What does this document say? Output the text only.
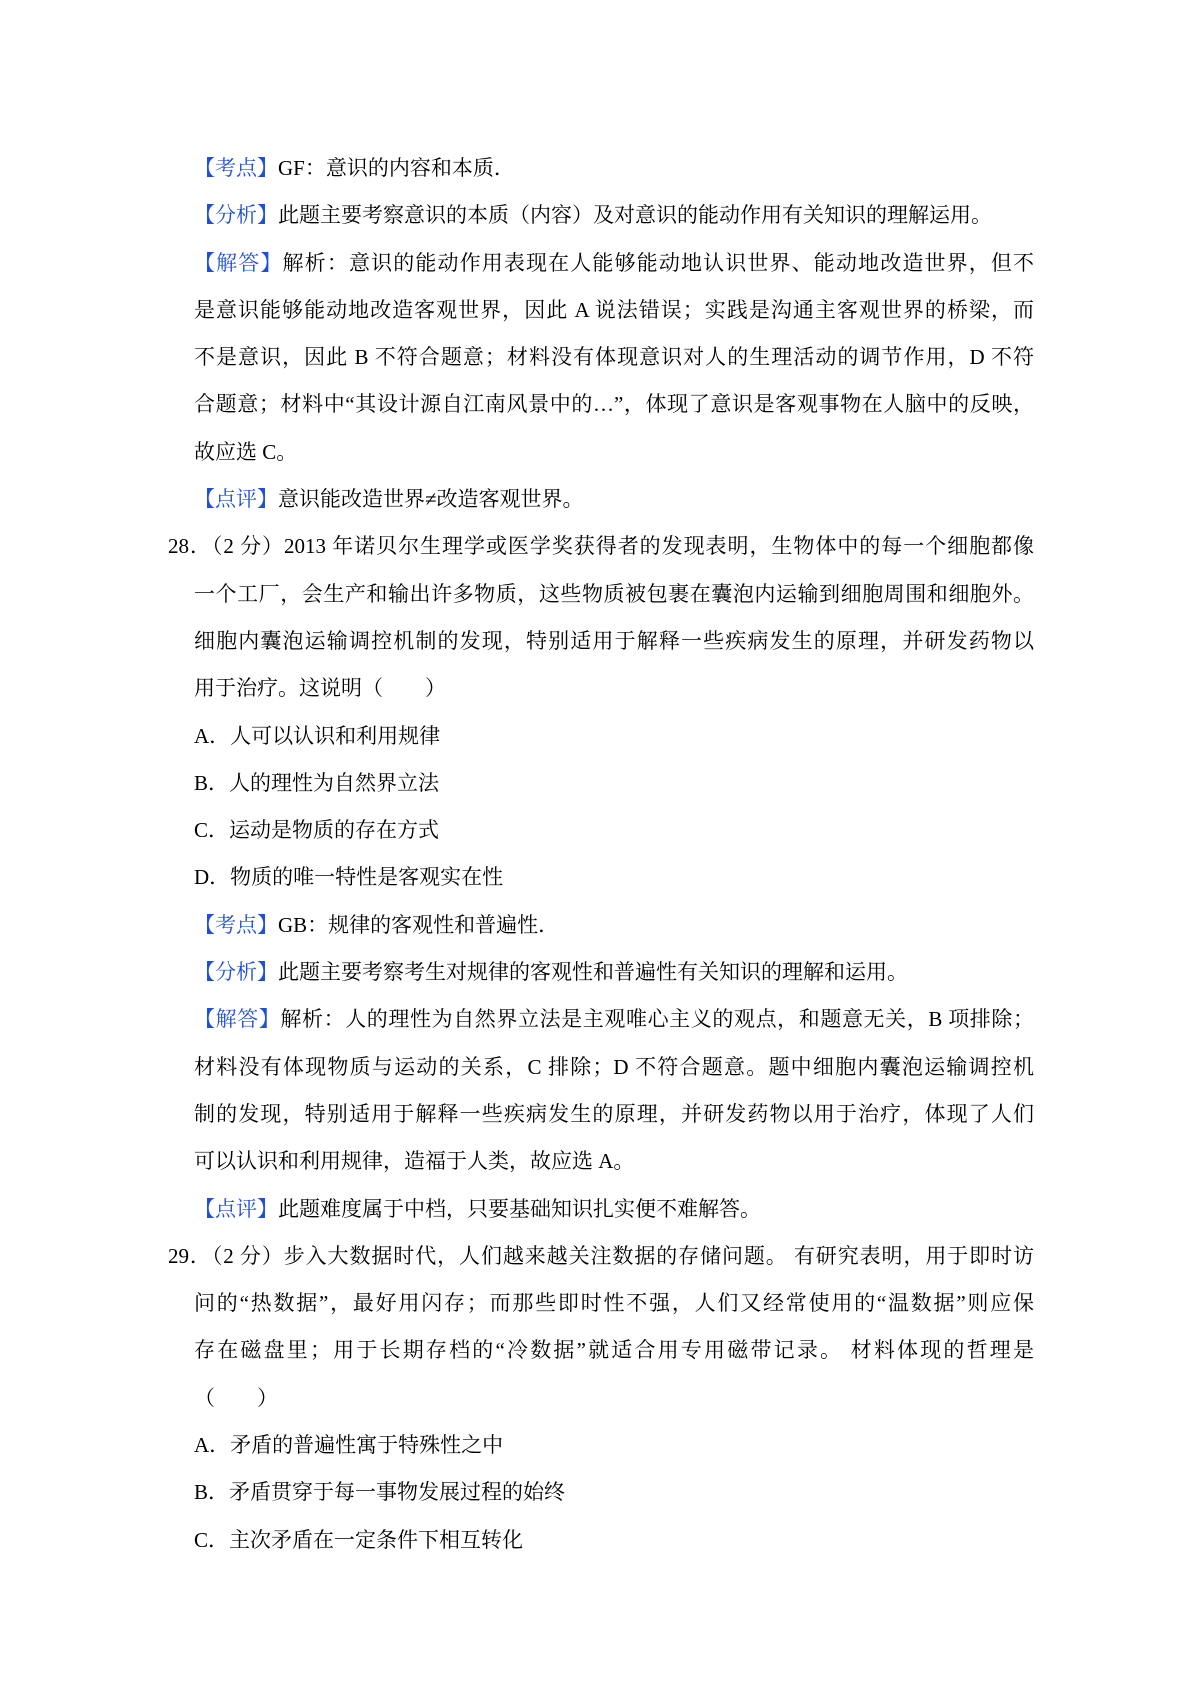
【考点】GF：意识的内容和本质．
【分析】此题主要考察意识的本质（内容）及对意识的能动作用有关知识的理解运用。
【解答】解析：意识的能动作用表现在人能够能动地认识世界、能动地改造世界，但不
是意识能够能动地改造客观世界，因此 A 说法错误；实践是沟通主客观世界的桥梁，而
不是意识，因此 B 不符合题意；材料没有体现意识对人的生理活动的调节作用，D 不符
合题意；材料中“其设计源自江南风景中的…”，体现了意识是客观事物在人脑中的反映，
故应选 C。
【点评】意识能改造世界≠改造客观世界。
28．（2 分）2013 年诺贝尔生理学或医学奖获得者的发现表明，生物体中的每一个细胞都像
一个工厂，会生产和输出许多物质，这些物质被包裹在囊泡内运输到细胞周围和细胞外。
细胞内囊泡运输调控机制的发现，特别适用于解释一些疾病发生的原理，并研发药物以
用于治疗。这说明（　　）
A．人可以认识和利用规律
B．人的理性为自然界立法
C．运动是物质的存在方式
D．物质的唯一特性是客观实在性
【考点】GB：规律的客观性和普遍性．
【分析】此题主要考察考生对规律的客观性和普遍性有关知识的理解和运用。
【解答】解析：人的理性为自然界立法是主观唯心主义的观点，和题意无关，B 项排除；
材料没有体现物质与运动的关系，C 排除；D 不符合题意。题中细胞内囊泡运输调控机
制的发现，特别适用于解释一些疾病发生的原理，并研发药物以用于治疗，体现了人们
可以认识和利用规律，造福于人类，故应选 A。
【点评】此题难度属于中档，只要基础知识扎实便不难解答。
29．（2 分）步入大数据时代，人们越来越关注数据的存储问题。 有研究表明，用于即时访
问的“热数据”，最好用闪存；而那些即时性不强，人们又经常使用的“温数据”则应保
存在磁盘里；用于长期存档的“冷数据”就适合用专用磁带记录。 材料体现的哲理是
（　　）
A．矛盾的普遍性寓于特殊性之中
B．矛盾贯穿于每一事物发展过程的始终
C．主次矛盾在一定条件下相互转化
